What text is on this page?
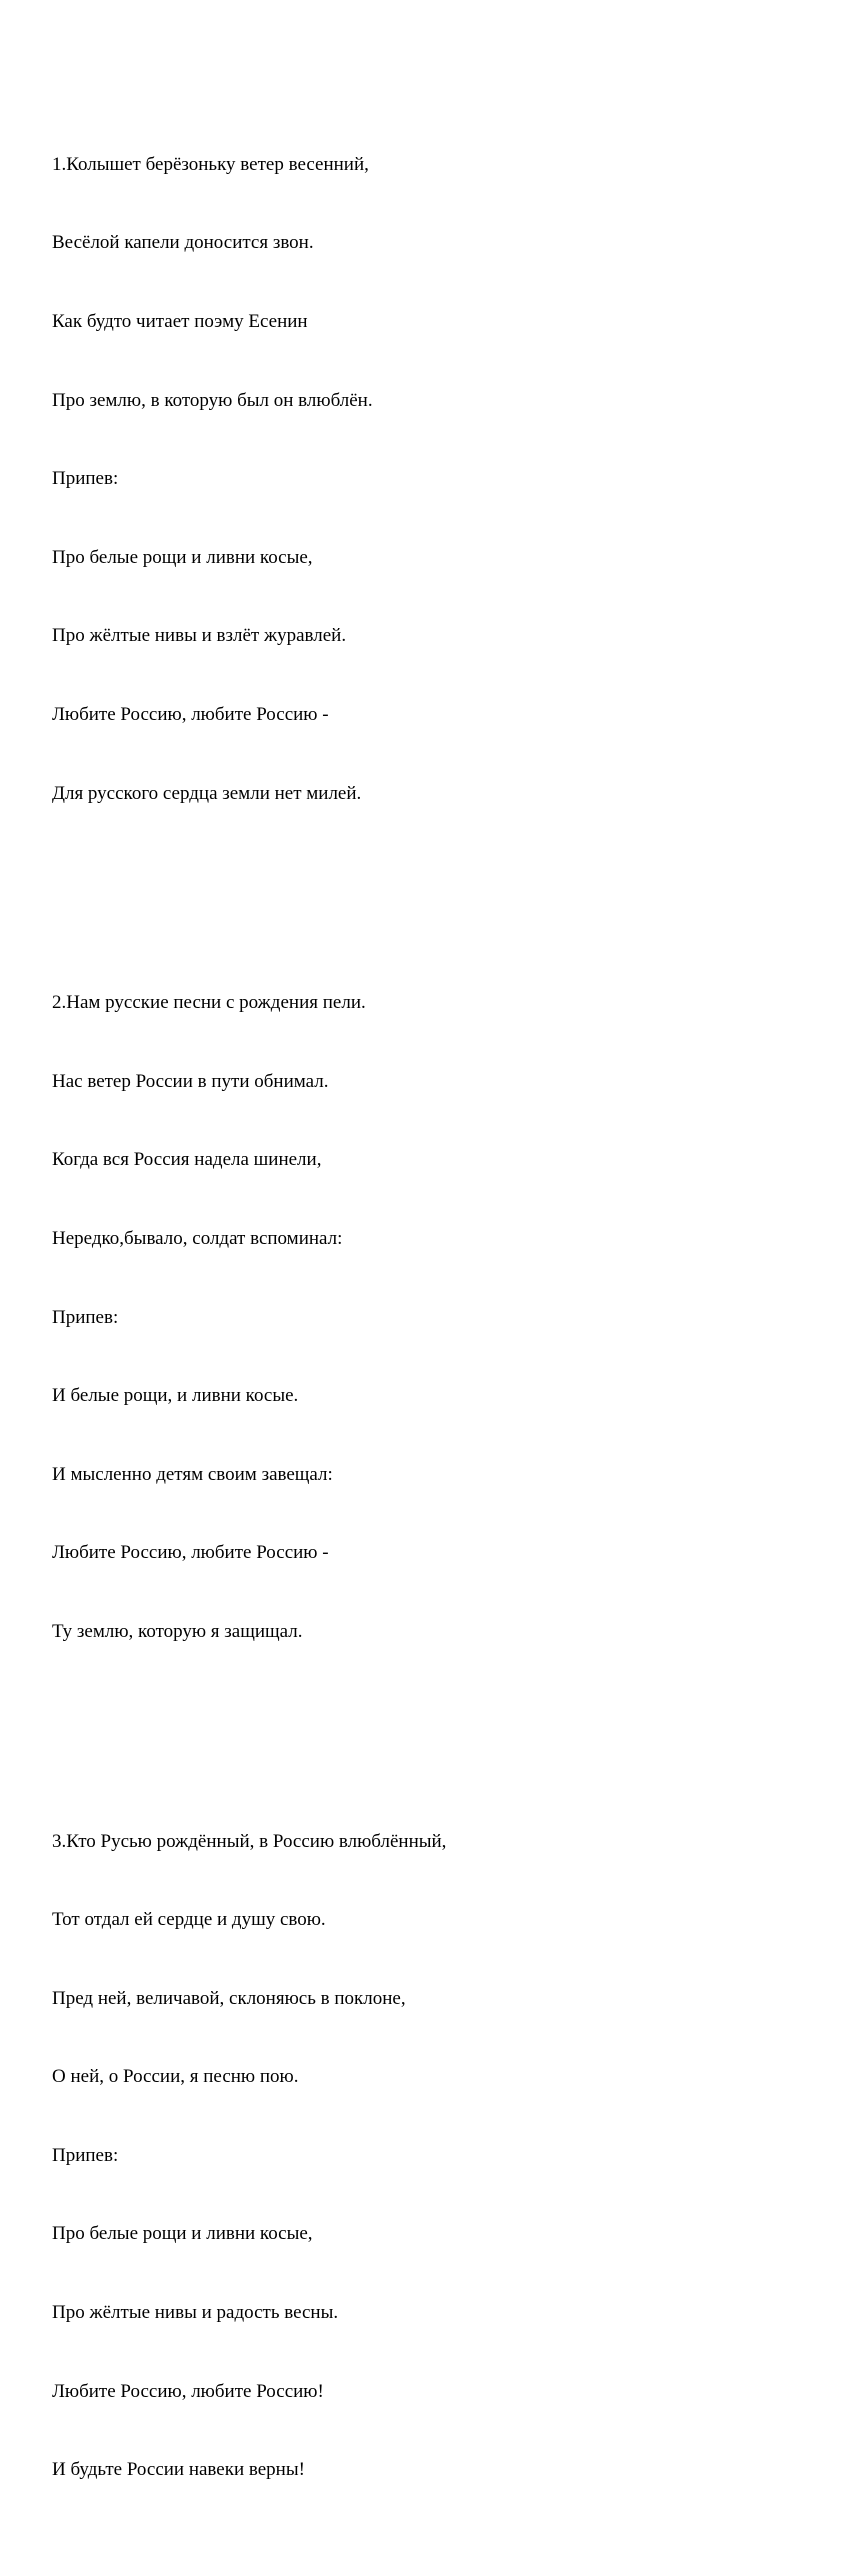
1.Колышет берёзоньку ветер весенний,

Весёлой капели доносится звон.

Как будто читает поэму Есенин

Про землю, в которую был он влюблён.

Припев:

Про белые рощи и ливни косые,

Про жёлтые нивы и взлёт журавлей.

Любите Россию, любите Россию -

Для русского сердца земли нет милей.

2.Нам русские песни с рождения пели.

Нас ветер России в пути обнимал.

Когда вся Россия надела шинели,

Нередко,бывало, солдат вспоминал:

Припев:

И белые рощи, и ливни косые.

И мысленно детям своим завещал:

Любите Россию, любите Россию -

Ту землю, которую я защищал.

3.Кто Русью рождённый, в Россию влюблённый,

Тот отдал ей сердце и душу свою.

Пред ней, величавой, склоняюсь в поклоне,

О ней, о России, я песню пою.

Припев:

Про белые рощи и ливни косые,

Про жёлтые нивы и радость весны.

Любите Россию, любите Россию!

И будьте России навеки верны!
